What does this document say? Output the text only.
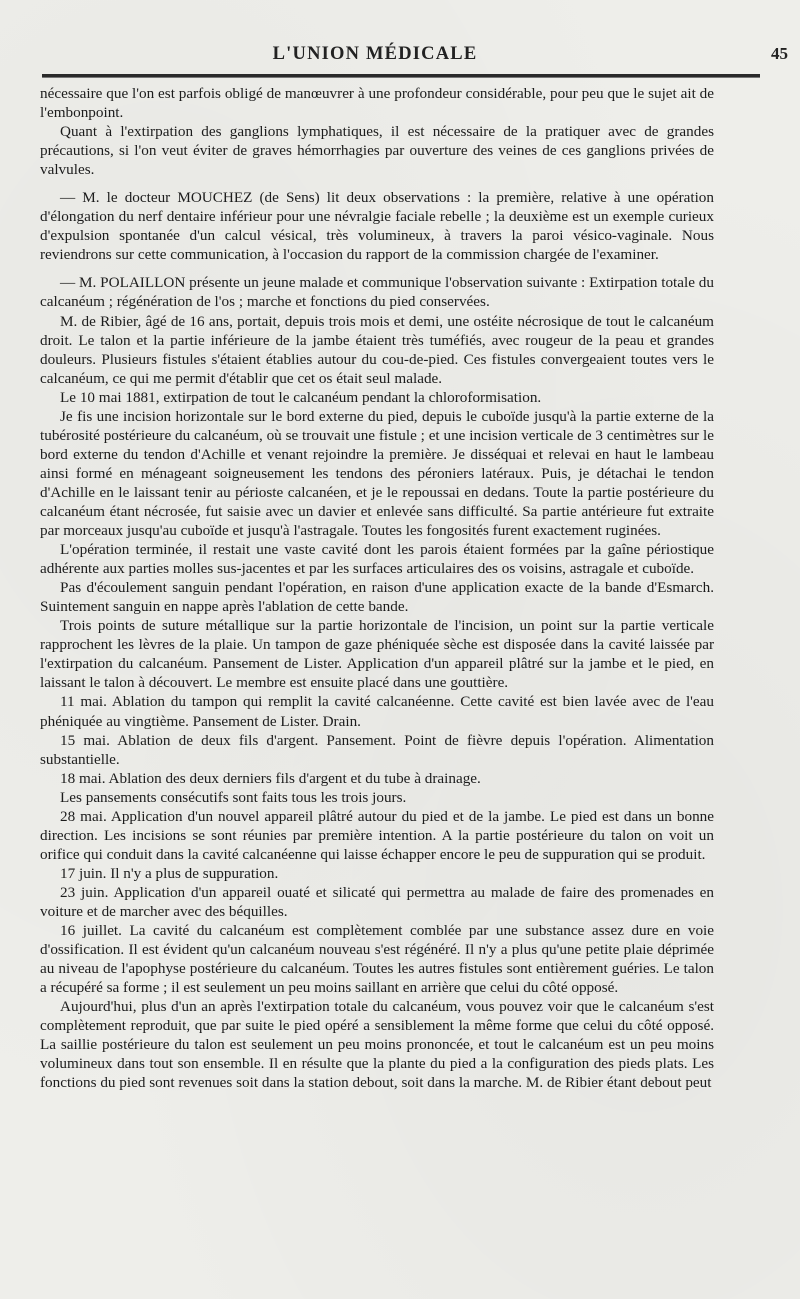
L'UNION MÉDICALE	45

nécessaire que l'on est parfois obligé de manœuvrer à une profondeur considérable, pour peu que le sujet ait de l'embonpoint.

Quant à l'extirpation des ganglions lymphatiques, il est nécessaire de la pratiquer avec de grandes précautions, si l'on veut éviter de graves hémorrhagies par ouverture des veines de ces ganglions privées de valvules.

— M. le docteur MOUCHEZ (de Sens) lit deux observations : la première, relative à une opération d'élongation du nerf dentaire inférieur pour une névralgie faciale rebelle ; la deuxième est un exemple curieux d'expulsion spontanée d'un calcul vésical, très volumineux, à travers la paroi vésico-vaginale. Nous reviendrons sur cette communication, à l'occasion du rapport de la commission chargée de l'examiner.

— M. POLAILLON présente un jeune malade et communique l'observation suivante : Extirpation totale du calcanéum ; régénération de l'os ; marche et fonctions du pied conservées.

M. de Ribier, âgé de 16 ans, portait, depuis trois mois et demi, une ostéite nécrosique de tout le calcanéum droit. Le talon et la partie inférieure de la jambe étaient très tuméfiés, avec rougeur de la peau et grandes douleurs. Plusieurs fistules s'étaient établies autour du cou-de-pied. Ces fistules convergeaient toutes vers le calcanéum, ce qui me permit d'établir que cet os était seul malade.

Le 10 mai 1881, extirpation de tout le calcanéum pendant la chloroformisation.

Je fis une incision horizontale sur le bord externe du pied, depuis le cuboïde jusqu'à la partie externe de la tubérosité postérieure du calcanéum, où se trouvait une fistule ; et une incision verticale de 3 centimètres sur le bord externe du tendon d'Achille et venant rejoindre la première. Je disséquai et relevai en haut le lambeau ainsi formé en ménageant soigneusement les tendons des péroniers latéraux. Puis, je détachai le tendon d'Achille en le laissant tenir au périoste calcanéen, et je le repoussai en dedans. Toute la partie postérieure du calcanéum étant nécrosée, fut saisie avec un davier et enlevée sans difficulté. Sa partie antérieure fut extraite par morceaux jusqu'au cuboïde et jusqu'à l'astragale. Toutes les fongosités furent exactement ruginées.

L'opération terminée, il restait une vaste cavité dont les parois étaient formées par la gaîne périostique adhérente aux parties molles sus-jacentes et par les surfaces articulaires des os voisins, astragale et cuboïde.

Pas d'écoulement sanguin pendant l'opération, en raison d'une application exacte de la bande d'Esmarch. Suintement sanguin en nappe après l'ablation de cette bande.

Trois points de suture métallique sur la partie horizontale de l'incision, un point sur la partie verticale rapprochent les lèvres de la plaie. Un tampon de gaze phéniquée sèche est disposée dans la cavité laissée par l'extirpation du calcanéum. Pansement de Lister. Application d'un appareil plâtré sur la jambe et le pied, en laissant le talon à découvert. Le membre est ensuite placé dans une gouttière.

11 mai. Ablation du tampon qui remplit la cavité calcanéenne. Cette cavité est bien lavée avec de l'eau phéniquée au vingtième. Pansement de Lister. Drain.

15 mai. Ablation de deux fils d'argent. Pansement. Point de fièvre depuis l'opération. Alimentation substantielle.

18 mai. Ablation des deux derniers fils d'argent et du tube à drainage.

Les pansements consécutifs sont faits tous les trois jours.

28 mai. Application d'un nouvel appareil plâtré autour du pied et de la jambe. Le pied est dans un bonne direction. Les incisions se sont réunies par première intention. A la partie postérieure du talon on voit un orifice qui conduit dans la cavité calcanéenne qui laisse échapper encore le peu de suppuration qui se produit.

17 juin. Il n'y a plus de suppuration.

23 juin. Application d'un appareil ouaté et silicaté qui permettra au malade de faire des promenades en voiture et de marcher avec des béquilles.

16 juillet. La cavité du calcanéum est complètement comblée par une substance assez dure en voie d'ossification. Il est évident qu'un calcanéum nouveau s'est régénéré. Il n'y a plus qu'une petite plaie déprimée au niveau de l'apophyse postérieure du calcanéum. Toutes les autres fistules sont entièrement guéries. Le talon a récupéré sa forme ; il est seulement un peu moins saillant en arrière que celui du côté opposé.

Aujourd'hui, plus d'un an après l'extirpation totale du calcanéum, vous pouvez voir que le calcanéum s'est complètement reproduit, que par suite le pied opéré a sensiblement la même forme que celui du côté opposé. La saillie postérieure du talon est seulement un peu moins prononcée, et tout le calcanéum est un peu moins volumineux dans tout son ensemble. Il en résulte que la plante du pied a la configuration des pieds plats. Les fonctions du pied sont revenues soit dans la station debout, soit dans la marche. M. de Ribier étant debout peut
